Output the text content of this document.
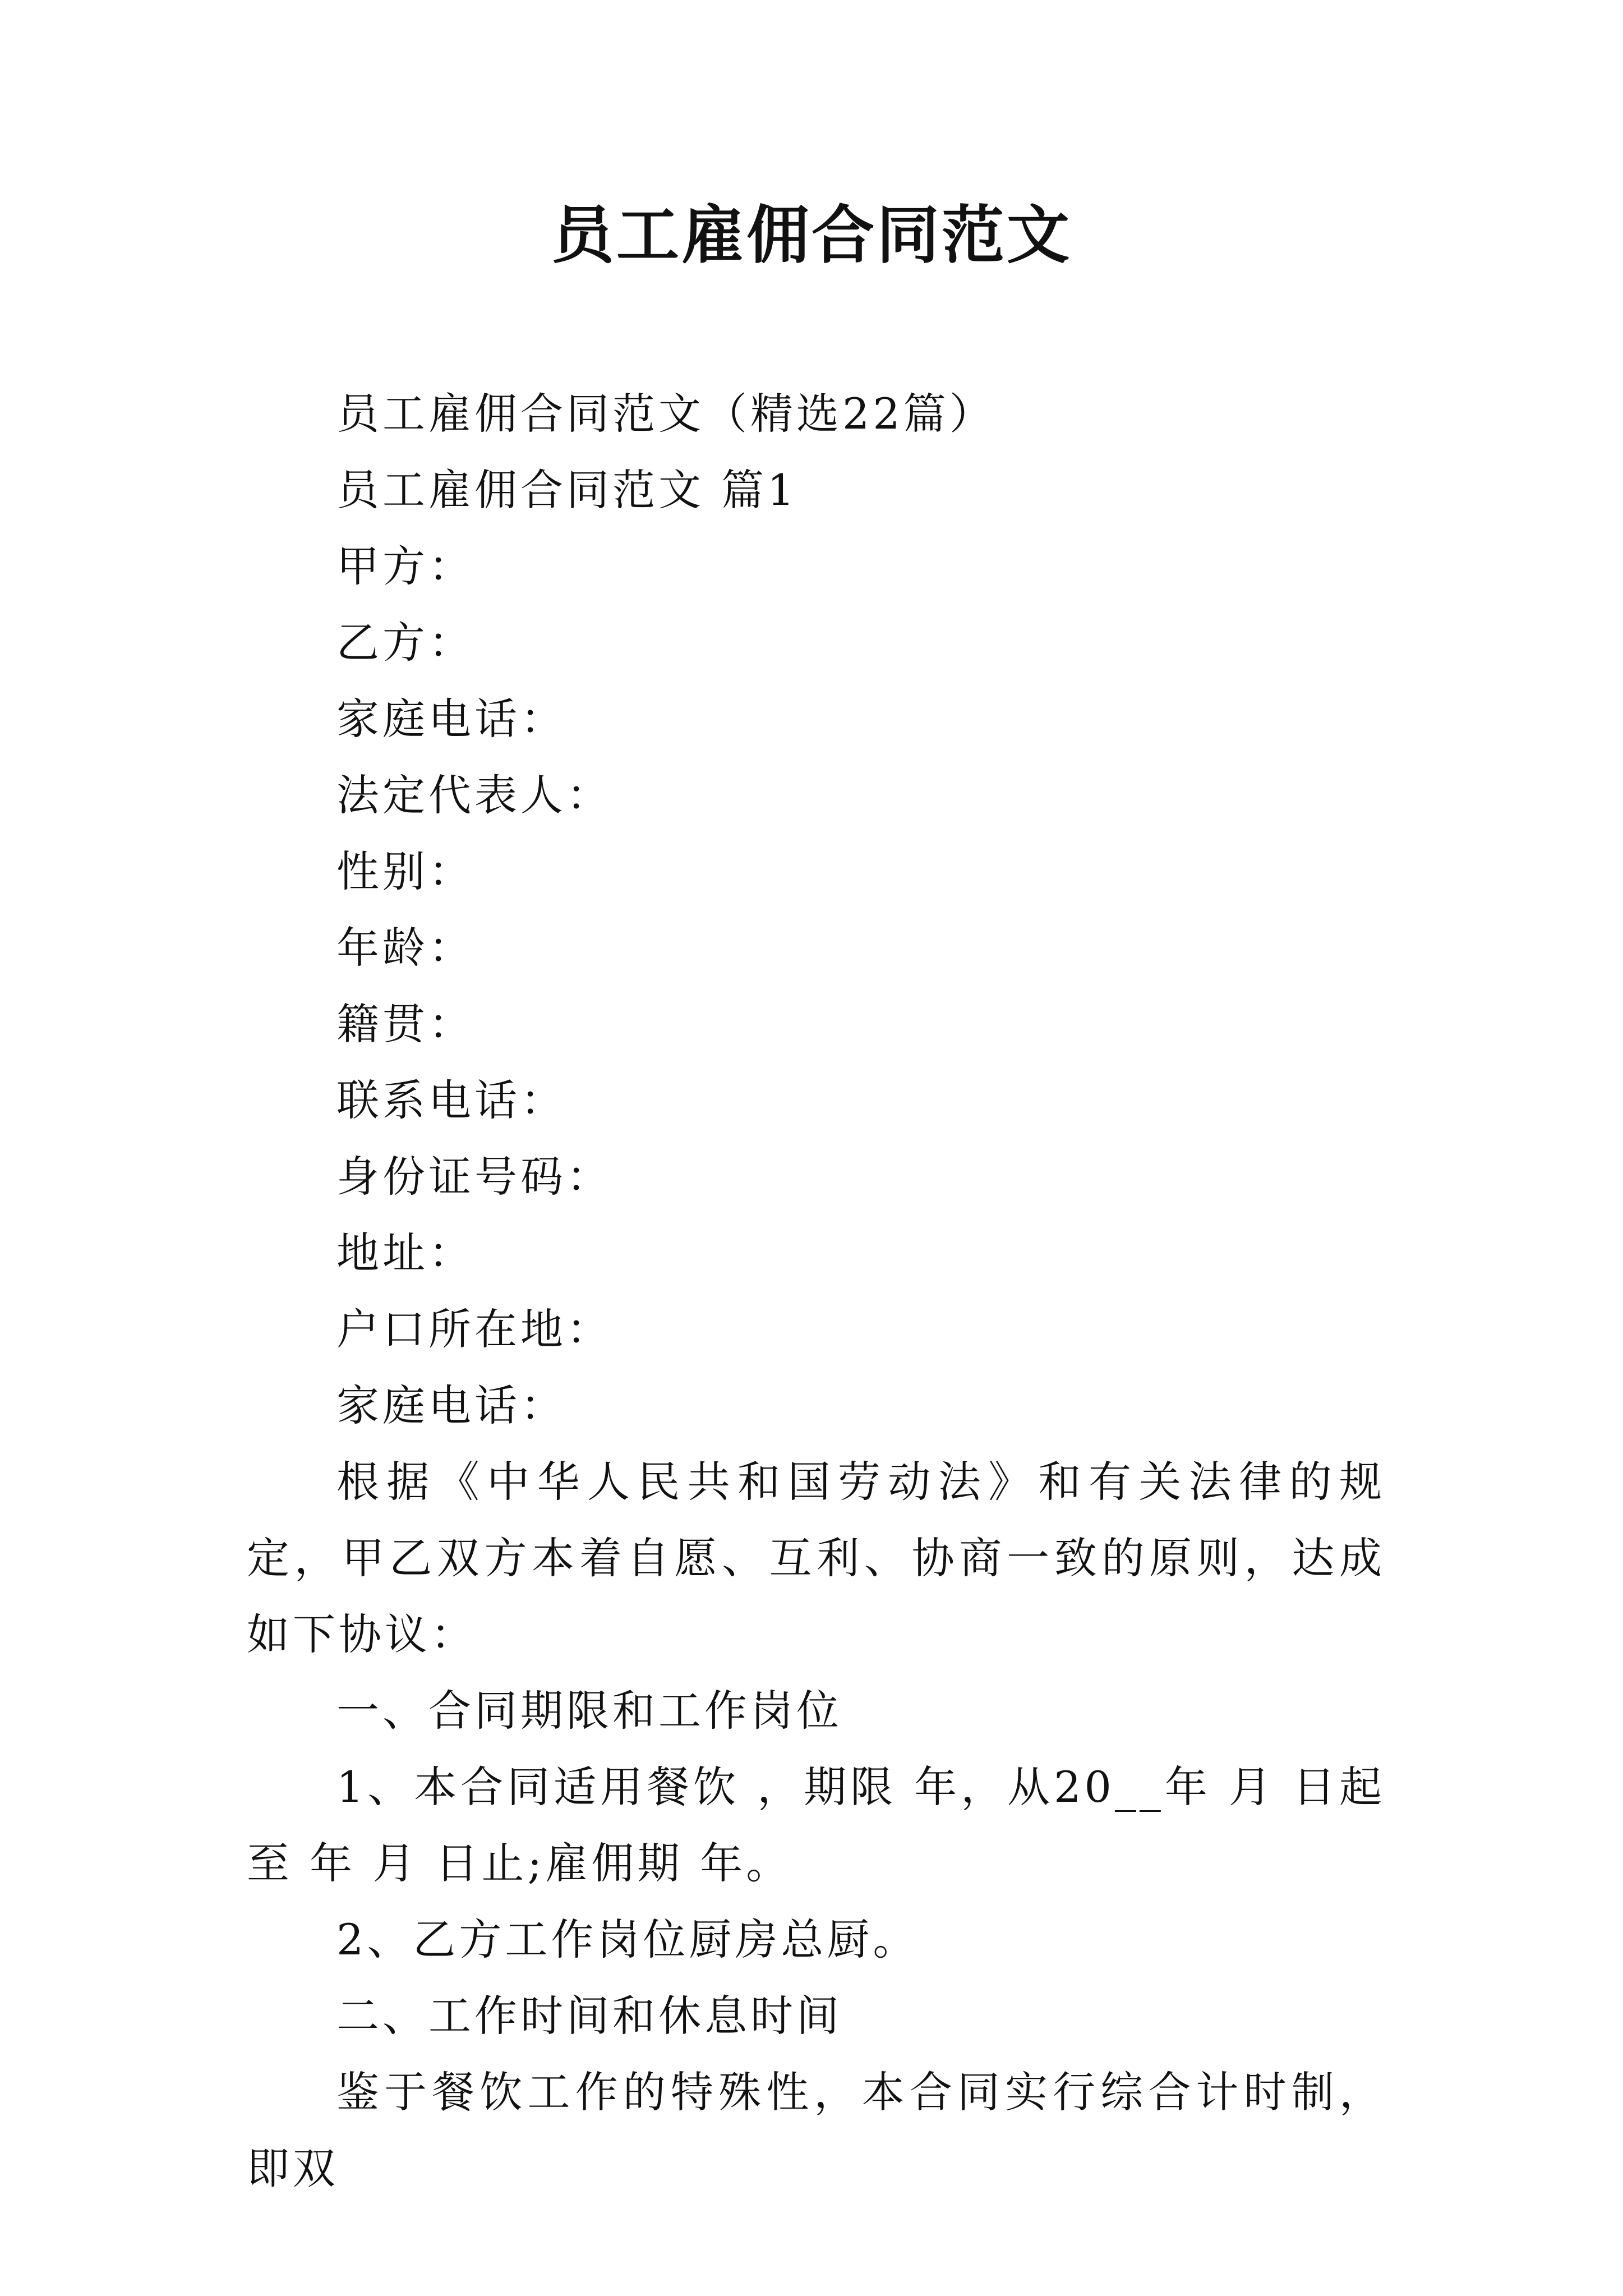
员工雇佣合同范文

员工雇佣合同范文（精选22篇）

员工雇佣合同范文 篇1

甲方：

乙方：

家庭电话：

法定代表人：

性别：

年龄：

籍贯：

联系电话：

身份证号码：

地址：

户口所在地：

家庭电话：

根据《中华人民共和国劳动法》和有关法律的规定，甲乙双方本着自愿、互利、协商一致的原则，达成如下协议：

一、合同期限和工作岗位

1、本合同适用餐饮 ，期限 年，从20__年 月 日起至 年 月 日止;雇佣期 年。

2、乙方工作岗位厨房总厨。

二、工作时间和休息时间

鉴于餐饮工作的特殊性，本合同实行综合计时制，即双
